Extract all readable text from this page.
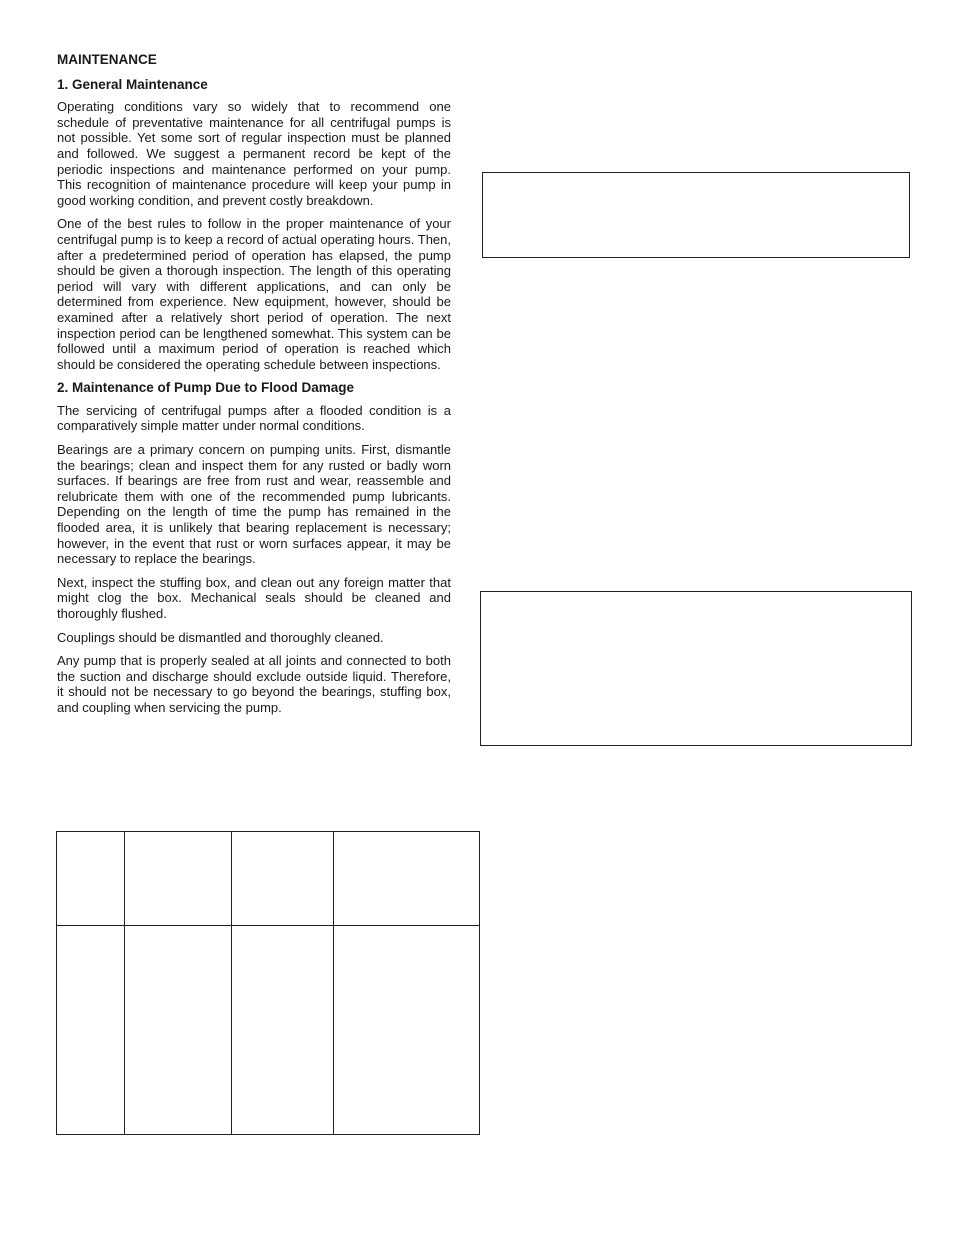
MAINTENANCE
1. General Maintenance

Operating conditions vary so widely that to recommend one schedule of preventative maintenance for all centrifugal pumps is not possible. Yet some sort of regular inspection must be planned and followed. We suggest a permanent record be kept of the periodic inspections and maintenance performed on your pump. This recognition of maintenance procedure will keep your pump in good working condition, and prevent costly breakdown.

One of the best rules to follow in the proper maintenance of your centrifugal pump is to keep a record of actual operating hours. Then, after a predetermined period of operation has elapsed, the pump should be given a thorough inspection. The length of this operating period will vary with different applications, and can only be determined from experience. New equipment, however, should be examined after a relatively short period of operation. The next inspection period can be lengthened somewhat. This system can be followed until a maximum period of operation is reached which should be considered the operating schedule between inspections.

2. Maintenance of Pump Due to Flood Damage

The servicing of centrifugal pumps after a flooded condition is a comparatively simple matter under normal conditions.

Bearings are a primary concern on pumping units. First, dismantle the bearings; clean and inspect them for any rusted or badly worn surfaces. If bearings are free from rust and wear, reassemble and relubricate them with one of the recommended pump lubricants. Depending on the length of time the pump has remained in the flooded area, it is unlikely that bearing replacement is necessary; however, in the event that rust or worn surfaces appear, it may be necessary to replace the bearings.

Next, inspect the stuffing box, and clean out any foreign matter that might clog the box. Mechanical seals should be cleaned and thoroughly flushed.

Couplings should be dismantled and thoroughly cleaned.

Any pump that is properly sealed at all joints and connected to both the suction and discharge should exclude outside liquid. Therefore, it should not be necessary to go beyond the bearings, stuffing box, and coupling when servicing the pump.
